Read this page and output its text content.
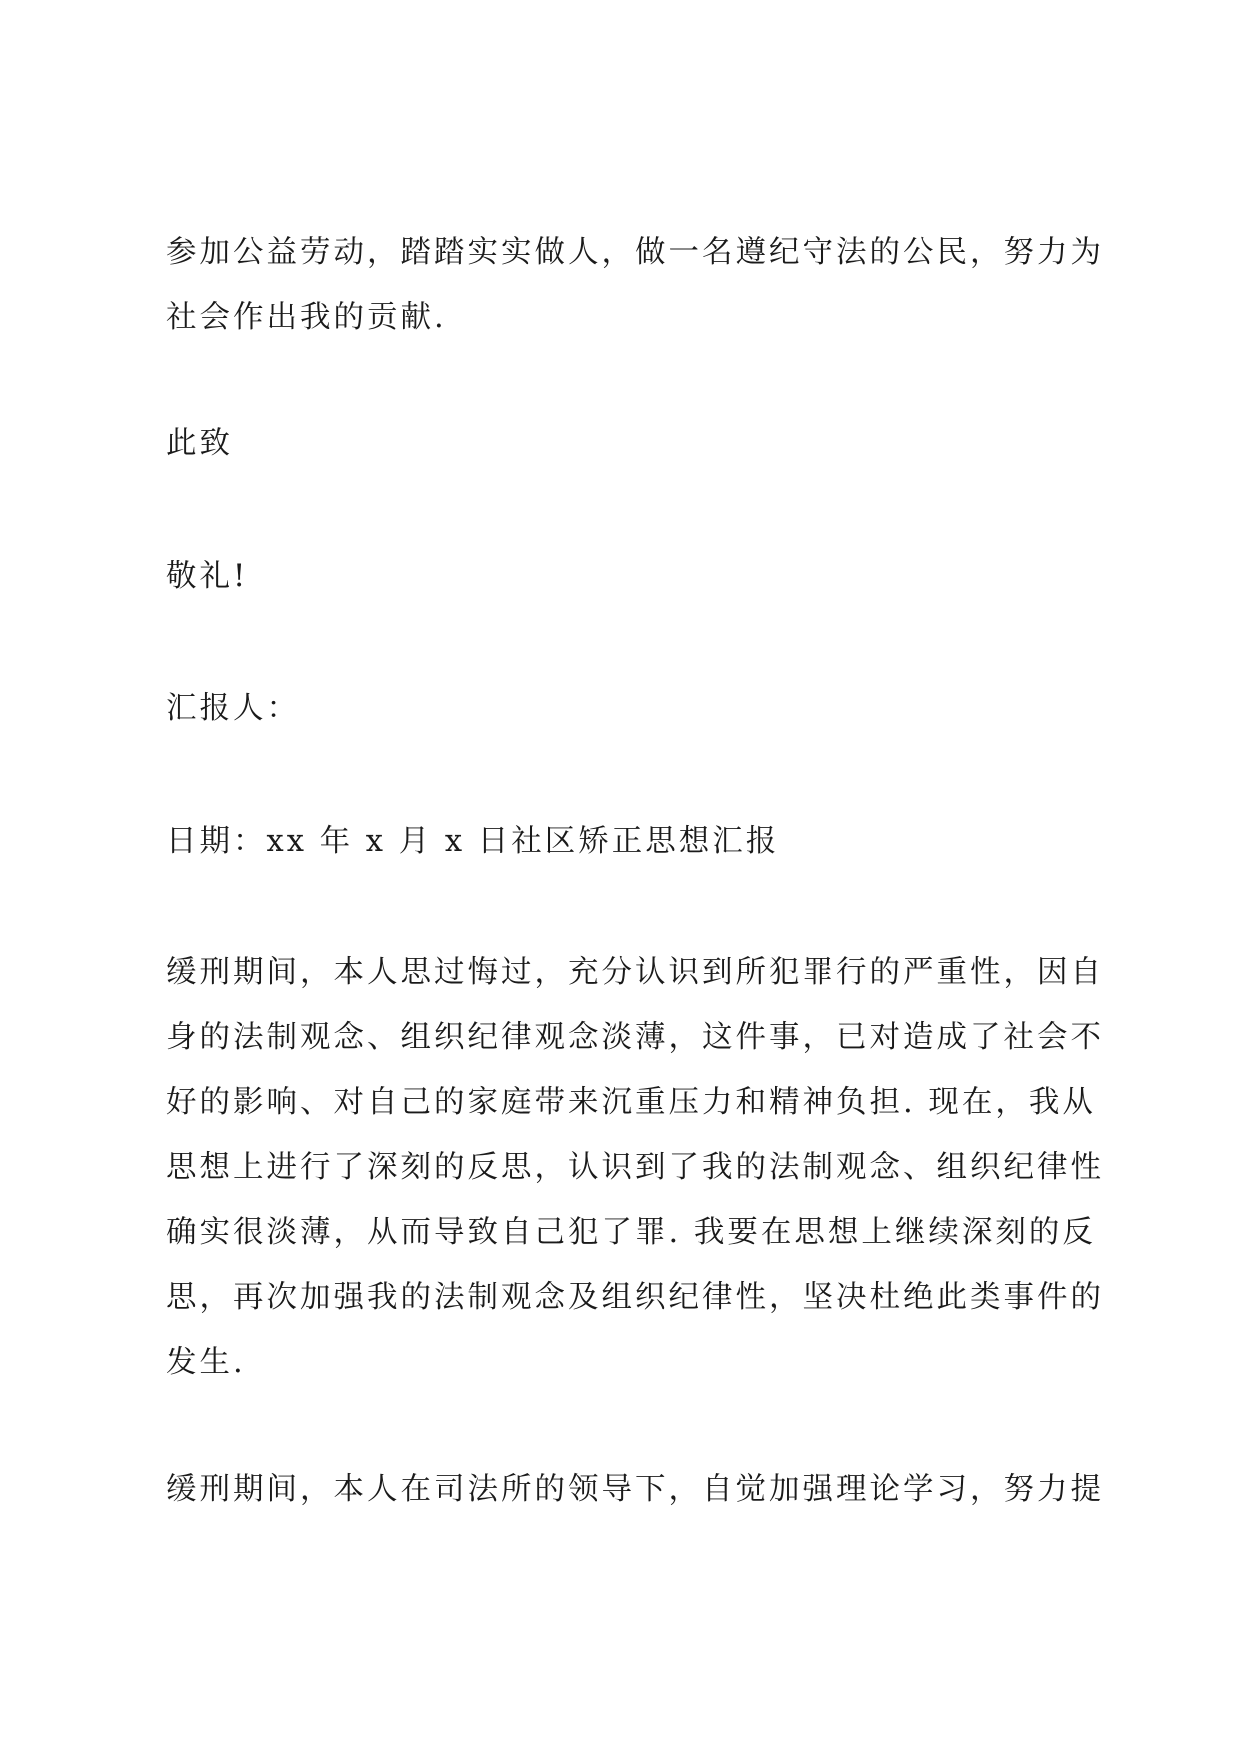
参加公益劳动，踏踏实实做人，做一名遵纪守法的公民，努力为
社会作出我的贡献.
此致
敬礼!
汇报人：
日期：xx 年 x 月 x 日社区矫正思想汇报
缓刑期间，本人思过悔过，充分认识到所犯罪行的严重性，因自
身的法制观念、组织纪律观念淡薄，这件事，已对造成了社会不
好的影响、对自己的家庭带来沉重压力和精神负担. 现在，我从
思想上进行了深刻的反思，认识到了我的法制观念、组织纪律性
确实很淡薄，从而导致自己犯了罪. 我要在思想上继续深刻的反
思，再次加强我的法制观念及组织纪律性，坚决杜绝此类事件的
发生.
缓刑期间，本人在司法所的领导下，自觉加强理论学习，努力提
